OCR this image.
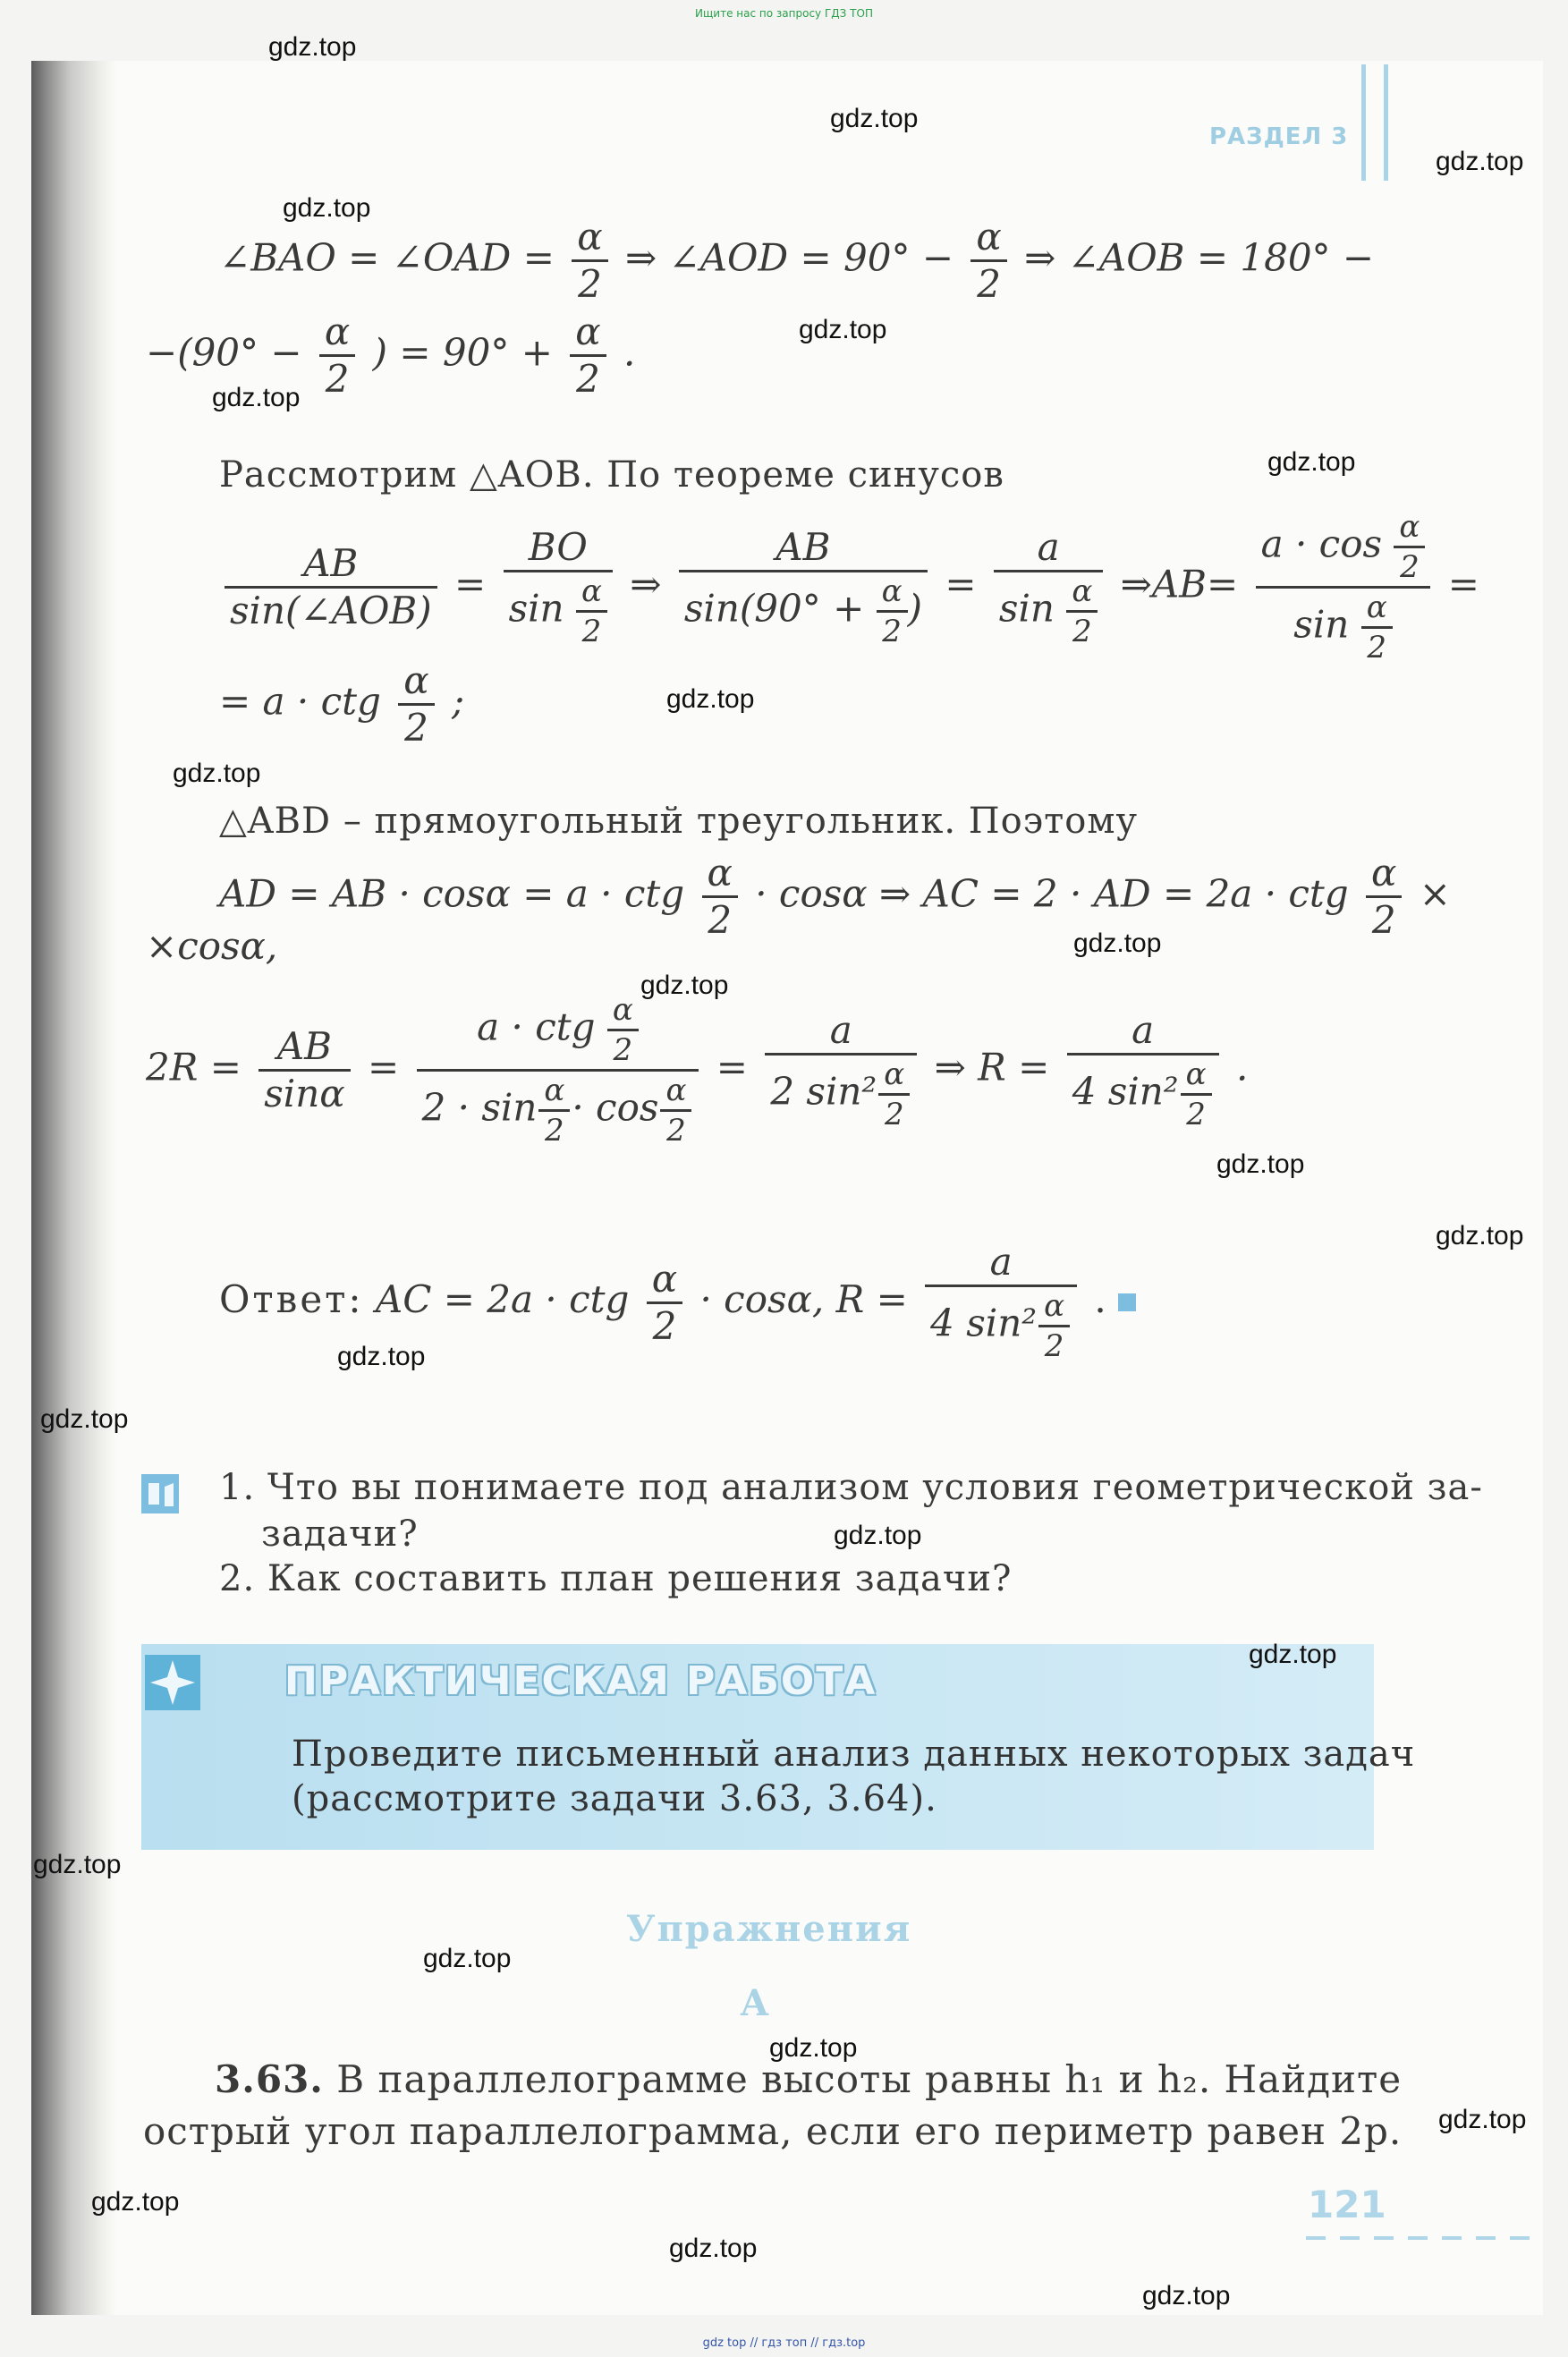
Ищите нас по запросу ГДЗ ТОП
РАЗДЕЛ 3
∠BAO = ∠OAD = $\frac{\alpha}{2}$ ⇒ ∠AOD = $90^\circ - \frac{\alpha}{2}$ ⇒ ∠AOB = 180° −
$-(90^\circ - \frac{\alpha}{2}$ ) = $90^\circ + \frac{\alpha}{2}$ .
Рассмотрим △AOB. По теореме синусов
$\frac{AB}{\text{sin(∠AOB)}} = \frac{BO}{\sin \frac{\alpha}{2}}$ ⇒ $\frac{AB}{\sin(90^\circ + \frac{\alpha}{2} )} = \frac{a}{\sin \frac{\alpha}{2}}$ ⇒AB= $\frac{a \cdot \cos \frac{\alpha}{2}}{\sin \frac{\alpha}{2}}$ =
= a · ctg $\frac{\alpha}{2}$ ;
△ABD – прямоугольный треугольник. Поэтому
AD = AB · cosα = a · ctg $\frac{\alpha}{2} \cdot \cos\alpha$ ⇒ AC = 2 · AD = 2a · ctg $\frac{\alpha}{2}$ ×
×cosα,
$2R = \frac{AB}{\sin\alpha} = \frac{a \cdot ctg \frac{\alpha}{2}}{2 \cdot \sin \frac{\alpha}{2} \cdot \cos \frac{\alpha}{2}} = \frac{a}{2 \sin^2 \frac{\alpha}{2}}$ ⇒ $R = \frac{a}{4 \sin^2 \frac{\alpha}{2}}$ .
Ответ: AC = 2a · ctg $\frac{\alpha}{2} \cdot \cos\alpha$, $R = \frac{a}{4 \sin^2 \frac{\alpha}{2}}$ .
1. Что вы понимаете под анализом условия геометрической за-
задачи?
2. Как составить план решения задачи?
ПРАКТИЧЕСКАЯ РАБОТА
Проведите письменный анализ данных некоторых задач
(рассмотрите задачи 3.63, 3.64).
Упражнения
A
3.63. В параллелограмме высоты равны h₁ и h₂. Найдите
острый угол параллелограмма, если его периметр равен 2p.
121
gdz top // гдз топ // гдз.top
gdz.top
gdz.top
gdz.top
gdz.top
gdz.top
gdz.top
gdz.top
gdz.top
gdz.top
gdz.top
gdz.top
gdz.top
gdz.top
gdz.top
gdz.top
gdz.top
gdz.top
gdz.top
gdz.top
gdz.top
gdz.top
gdz.top
gdz.top
gdz.top
